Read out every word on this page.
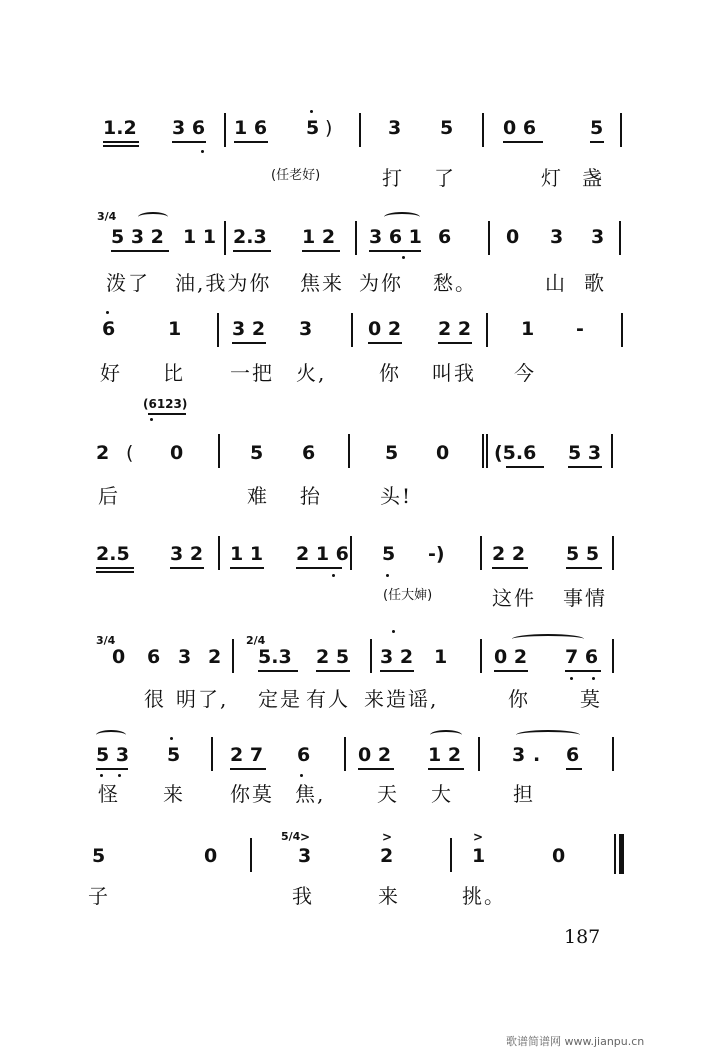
1.2 3 6 1 6 5 )	3 5	0 6	5
(任老好)	打 了	灯 盏
3/4
5 3 2 1 1 2.3 1 2 3 6 1 6	0 3 3
泼了 油,我为你 焦来 为你 愁。	山 歌
6	1	3 2 3	0 2 2 2	1 -
好 比 一把 火,	你 叫我 今
(6123)
2 ( 0	5 6	5 0 (5.6 5 3
后	难 抬	头!
2.5 3 2 1 1 2 1 6 5 -) 2 2 5 5
(任大婶)	这件 事情
3/4	2/4
0 6 3 2 5.3 2 5 3 2 1 0 2 7 6
很 明了, 定是 有人 来造谣,	你	莫
5 3 5	2 7 6	0 2 1 2	3 . 6
怪 来 你莫 焦,	天 大	担
5/4 >	>	>
5	0	3	2	1	0
子	我	来	挑。
187
歌谱简谱网 www.jianpu.cn
